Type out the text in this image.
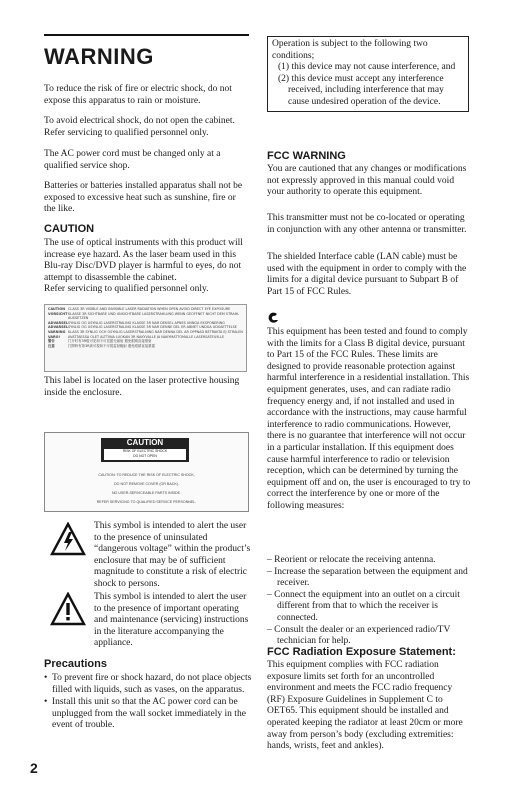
WARNING

To reduce the risk of fire or electric shock, do not expose this apparatus to rain or moisture.

To avoid electrical shock, do not open the cabinet. Refer servicing to qualified personnel only.

The AC power cord must be changed only at a qualified service shop.

Batteries or batteries installed apparatus shall not be exposed to excessive heat such as sunshine, fire or the like.

CAUTION

The use of optical instruments with this product will increase eye hazard. As the laser beam used in this Blu-ray Disc/DVD player is harmful to eyes, do not attempt to disassemble the cabinet.

Refer servicing to qualified personnel only.

CAUTION CLASS 3R VISIBLE AND INVISIBLE LASER RADIATION WHEN OPEN AVOID DIRECT EYE EXPOSURE
VORSICHT KLASSE 3R SICHTBARE UND UNSICHTBARE LASERSTRAHLUNG WENN GEOFFNET NICHT DEM STRAHL AUSSETZEN
ADVARSEL SYNLIG OG USYNLIG LASERSTRALING KLASSE 3R NAR DEKSEL APNES UNNGA EKSPONERING
ADVARSEL SYNLIG OG USYNLIG LASERSTRALING KLASSE 3R NAR DENNE DEL ER ABNET UNDGA UDSAETTELSE
VARNING KLASS 3R SYNLIG OCH OSYNLIG LASERSTRALNING NAR DENNA DEL AR OPPNAD BETRAKTA EJ STRALEN
VARO!	AVATTAESSA OLET ALTTIINA LUOKAN 3R NAKYVALLE JA NAKYMATTOMALLE LASERSATEILYLLE
警告	打开时有3R级可见和不可见激光辐射 避免眼睛直接照射
注意	打開時有第3R級可視和不可視雷射輻射 避免眼睛直接暴露

This label is located on the laser protective housing inside the enclosure.

CAUTION
RISK OF ELECTRIC SHOCK
DO NOT OPEN
CAUTION: TO REDUCE THE RISK OF ELECTRIC SHOCK,
DO NOT REMOVE COVER (OR BACK).
NO USER-SERVICEABLE PARTS INSIDE.
REFER SERVICING TO QUALIFIED SERVICE PERSONNEL.

This symbol is intended to alert the user to the presence of uninsulated “dangerous voltage” within the product’s enclosure that may be of sufficient magnitude to constitute a risk of electric shock to persons.

This symbol is intended to alert the user to the presence of important operating and maintenance (servicing) instructions in the literature accompanying the appliance.

Precautions
• To prevent fire or shock hazard, do not place objects filled with liquids, such as vases, on the apparatus.
• Install this unit so that the AC power cord can be unplugged from the wall socket immediately in the event of trouble.

Operation is subject to the following two conditions;

(1) this device may not cause interference, and

(2) this device must accept any interference received, including interference that may cause undesired operation of the device.

FCC WARNING

You are cautioned that any changes or modifications not expressly approved in this manual could void your authority to operate this equipment.

This transmitter must not be co-located or operating in conjunction with any other antenna or transmitter.

The shielded Interface cable (LAN cable) must be used with the equipment in order to comply with the limits for a digital device pursuant to Subpart B of Part 15 of FCC Rules.

This equipment has been tested and found to comply with the limits for a Class B digital device, pursuant to Part 15 of the FCC Rules. These limits are designed to provide reasonable protection against harmful interference in a residential installation. This equipment generates, uses, and can radiate radio frequency energy and, if not installed and used in accordance with the instructions, may cause harmful interference to radio communications. However, there is no guarantee that interference will not occur in a particular installation. If this equipment does cause harmful interference to radio or television reception, which can be determined by turning the equipment off and on, the user is encouraged to try to correct the interference by one or more of the following measures:

– Reorient or relocate the receiving antenna.
– Increase the separation between the equipment and receiver.
– Connect the equipment into an outlet on a circuit different from that to which the receiver is connected.
– Consult the dealer or an experienced radio/TV technician for help.
FCC Radiation Exposure Statement:

This equipment complies with FCC radiation exposure limits set forth for an uncontrolled environment and meets the FCC radio frequency (RF) Exposure Guidelines in Supplement C to OET65. This equipment should be installed and operated keeping the radiator at least 20cm or more away from person’s body (excluding extremities: hands, wrists, feet and ankles).

2
